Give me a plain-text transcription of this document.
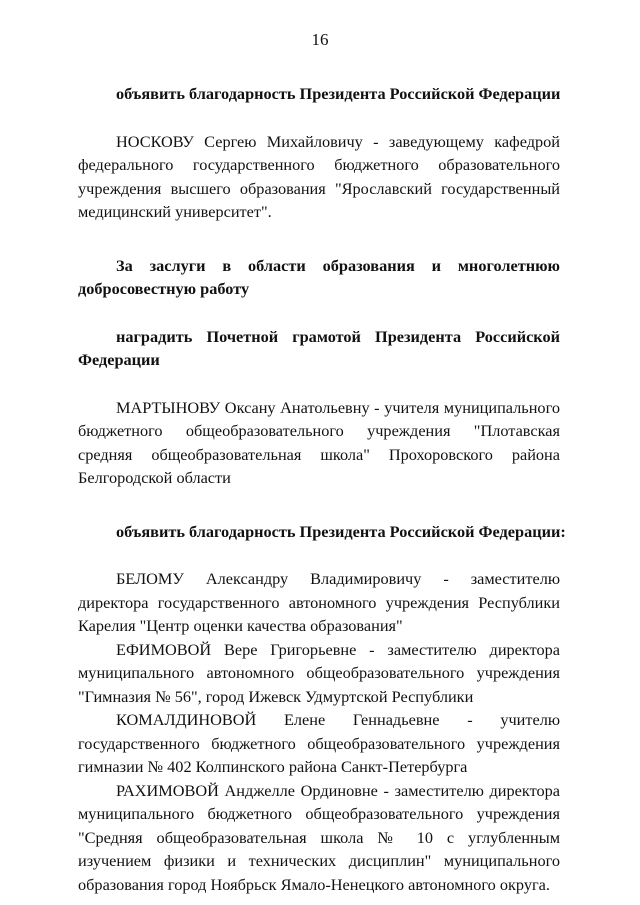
16

объявить благодарность Президента Российской Федерации

НОСКОВУ Сергею Михайловичу - заведующему кафедрой федерального государственного бюджетного образовательного учреждения высшего образования "Ярославский государственный медицинский университет".

За заслуги в области образования и многолетнюю добросовестную работу

наградить Почетной грамотой Президента Российской Федерации

МАРТЫНОВУ Оксану Анатольевну - учителя муниципального бюджетного общеобразовательного учреждения "Плотавская средняя общеобразовательная школа" Прохоровского района Белгородской области

объявить благодарность Президента Российской Федерации:

БЕЛОМУ Александру Владимировичу - заместителю директора государственного автономного учреждения Республики Карелия "Центр оценки качества образования"

ЕФИМОВОЙ Вере Григорьевне - заместителю директора муниципального автономного общеобразовательного учреждения "Гимназия № 56", город Ижевск Удмуртской Республики

КОМАЛДИНОВОЙ Елене Геннадьевне - учителю государственного бюджетного общеобразовательного учреждения гимназии № 402 Колпинского района Санкт-Петербурга

РАХИМОВОЙ Анджелле Ординовне - заместителю директора муниципального бюджетного общеобразовательного учреждения "Средняя общеобразовательная школа № 10 с углубленным изучением физики и технических дисциплин" муниципального образования город Ноябрьск Ямало-Ненецкого автономного округа.
